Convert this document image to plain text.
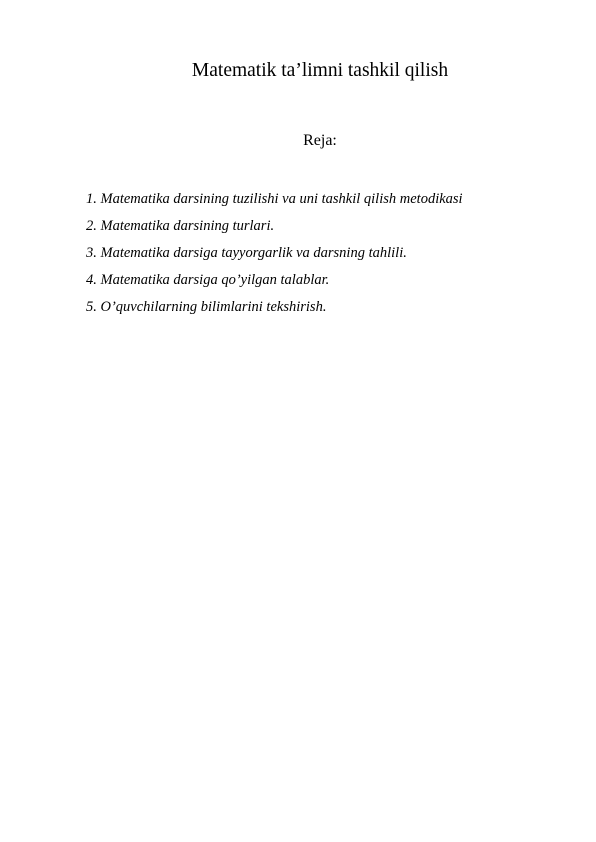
Matematik ta’limni tashkil qilish
Reja:
1. Matematika darsining tuzilishi va uni tashkil qilish metodikasi
2. Matematika darsining turlari.
3. Matematika darsiga tayyorgarlik va darsning tahlili.
4. Matematika darsiga qo’yilgan talablar.
5. O’quvchilarning bilimlarini tekshirish.
